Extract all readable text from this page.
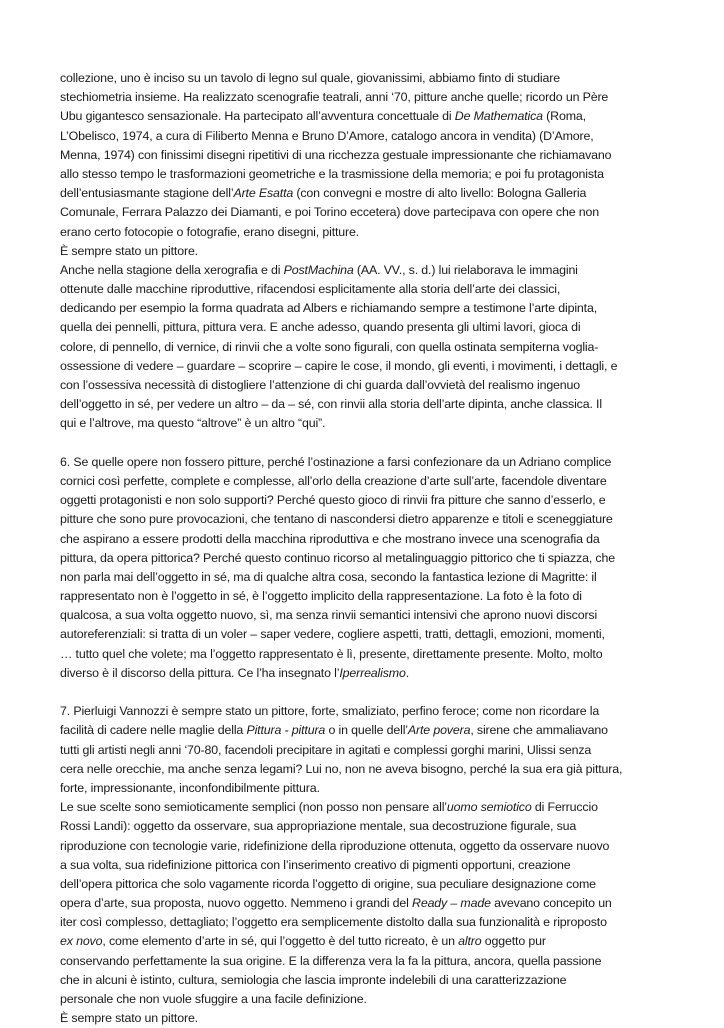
collezione, uno è inciso su un tavolo di legno sul quale, giovanissimi, abbiamo finto di studiare
stechiometria insieme. Ha realizzato scenografie teatrali, anni ‘70, pitture anche quelle; ricordo un Père
Ubu gigantesco sensazionale. Ha partecipato all’avventura concettuale di De Mathematica (Roma,
L’Obelisco, 1974, a cura di Filiberto Menna e Bruno D’Amore, catalogo ancora in vendita) (D’Amore,
Menna, 1974) con finissimi disegni ripetitivi di una ricchezza gestuale impressionante che richiamavano
allo stesso tempo le trasformazioni geometriche e la trasmissione della memoria; e poi fu protagonista
dell’entusiasmante stagione dell’Arte Esatta (con convegni e mostre di alto livello: Bologna Galleria
Comunale, Ferrara Palazzo dei Diamanti, e poi Torino eccetera) dove partecipava con opere che non
erano certo fotocopie o fotografie, erano disegni, pitture.
È sempre stato un pittore.
Anche nella stagione della xerografia e di PostMachina (AA. VV., s. d.) lui rielaborava le immagini
ottenute dalle macchine riproduttive, rifacendosi esplicitamente alla storia dell’arte dei classici,
dedicando per esempio la forma quadrata ad Albers e richiamando sempre a testimone l’arte dipinta,
quella dei pennelli, pittura, pittura vera. E anche adesso, quando presenta gli ultimi lavori, gioca di
colore, di pennello, di vernice, di rinvii che a volte sono figurali, con quella ostinata sempiterna voglia-
ossessione di vedere – guardare – scoprire – capire le cose, il mondo, gli eventi, i movimenti, i dettagli, e
con l’ossessiva necessità di distogliere l’attenzione di chi guarda dall’ovvietà del realismo ingenuo
dell’oggetto in sé, per vedere un altro – da – sé, con rinvii alla storia dell’arte dipinta, anche classica. Il
qui e l’altrove, ma questo “altrove” è un altro “qui”.
6. Se quelle opere non fossero pitture, perché l’ostinazione a farsi confezionare da un Adriano complice
cornici così perfette, complete e complesse, all’orlo della creazione d’arte sull’arte, facendole diventare
oggetti protagonisti e non solo supporti? Perché questo gioco di rinvii fra pitture che sanno d’esserlo, e
pitture che sono pure provocazioni, che tentano di nascondersi dietro apparenze e titoli e sceneggiature
che aspirano a essere prodotti della macchina riproduttiva e che mostrano invece una scenografia da
pittura, da opera pittorica? Perché questo continuo ricorso al metalinguaggio pittorico che ti spiazza, che
non parla mai dell’oggetto in sé, ma di qualche altra cosa, secondo la fantastica lezione di Magritte: il
rappresentato non è l’oggetto in sé, è l’oggetto implicito della rappresentazione. La foto è la foto di
qualcosa, a sua volta oggetto nuovo, sì, ma senza rinvii semantici intensivi che aprono nuovi discorsi
autoreferenziali: si tratta di un voler – saper vedere, cogliere aspetti, tratti, dettagli, emozioni, momenti,
… tutto quel che volete; ma l’oggetto rappresentato è lì, presente, direttamente presente. Molto, molto
diverso è il discorso della pittura. Ce l’ha insegnato l’Iperrealismo.
7. Pierluigi Vannozzi è sempre stato un pittore, forte, smaliziato, perfino feroce; come non ricordare la
facilità di cadere nelle maglie della Pittura - pittura o in quelle dell’Arte povera, sirene che ammaliavano
tutti gli artisti negli anni ‘70-80, facendoli precipitare in agitati e complessi gorghi marini, Ulissi senza
cera nelle orecchie, ma anche senza legami? Lui no, non ne aveva bisogno, perché la sua era già pittura,
forte, impressionante, inconfondibilmente pittura.
Le sue scelte sono semioticamente semplici (non posso non pensare all’uomo semiotico di Ferruccio
Rossi Landi): oggetto da osservare, sua appropriazione mentale, sua decostruzione figurale, sua
riproduzione con tecnologie varie, ridefinizione della riproduzione ottenuta, oggetto da osservare nuovo
a sua volta, sua ridefinizione pittorica con l’inserimento creativo di pigmenti opportuni, creazione
dell’opera pittorica che solo vagamente ricorda l’oggetto di origine, sua peculiare designazione come
opera d’arte, sua proposta, nuovo oggetto. Nemmeno i grandi del Ready – made avevano concepito un
iter così complesso, dettagliato; l’oggetto era semplicemente distolto dalla sua funzionalità e riproposto
ex novo, come elemento d’arte in sé, qui l’oggetto è del tutto ricreato, è un altro oggetto pur
conservando perfettamente la sua origine. E la differenza vera la fa la pittura, ancora, quella passione
che in alcuni è istinto, cultura, semiologia che lascia impronte indelebili di una caratterizzazione
personale che non vuole sfuggire a una facile definizione.
È sempre stato un pittore.
